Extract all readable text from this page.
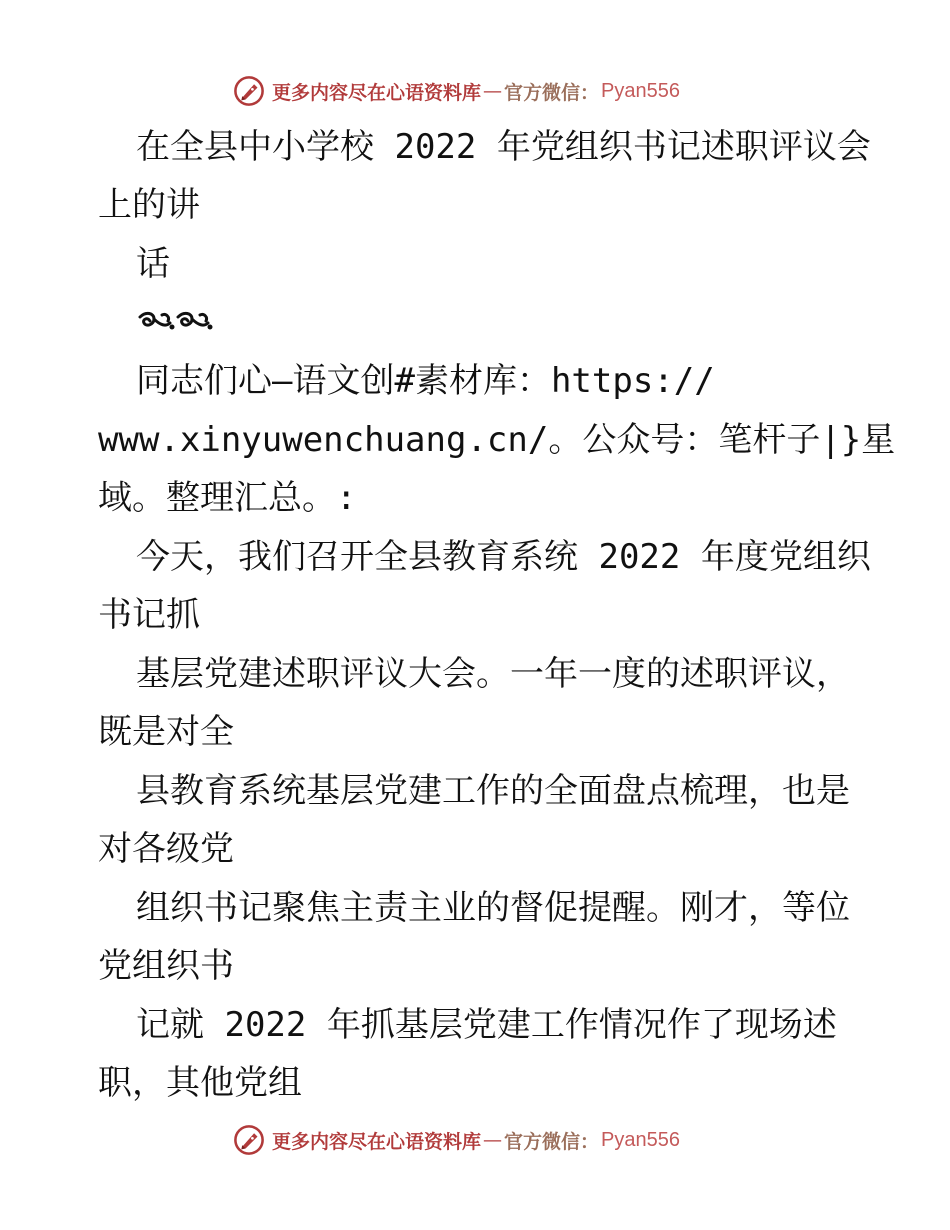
更多内容尽在心语资料库 — 官方微信： Pyan556
在全县中小学校 2022 年党组织书记述职评议会
上的讲
话
同志们心—语文创#素材库：https://
www.xinyuwenchuang.cn/。公众号：笔杆子|}星
域。整理汇总。:
今天，我们召开全县教育系统 2022 年度党组织
书记抓
基层党建述职评议大会。一年一度的述职评议，
既是对全
县教育系统基层党建工作的全面盘点梳理，也是
对各级党
组织书记聚焦主责主业的督促提醒。刚才，等位
党组织书
记就 2022 年抓基层党建工作情况作了现场述
职，其他党组
更多内容尽在心语资料库 — 官方微信： Pyan556
